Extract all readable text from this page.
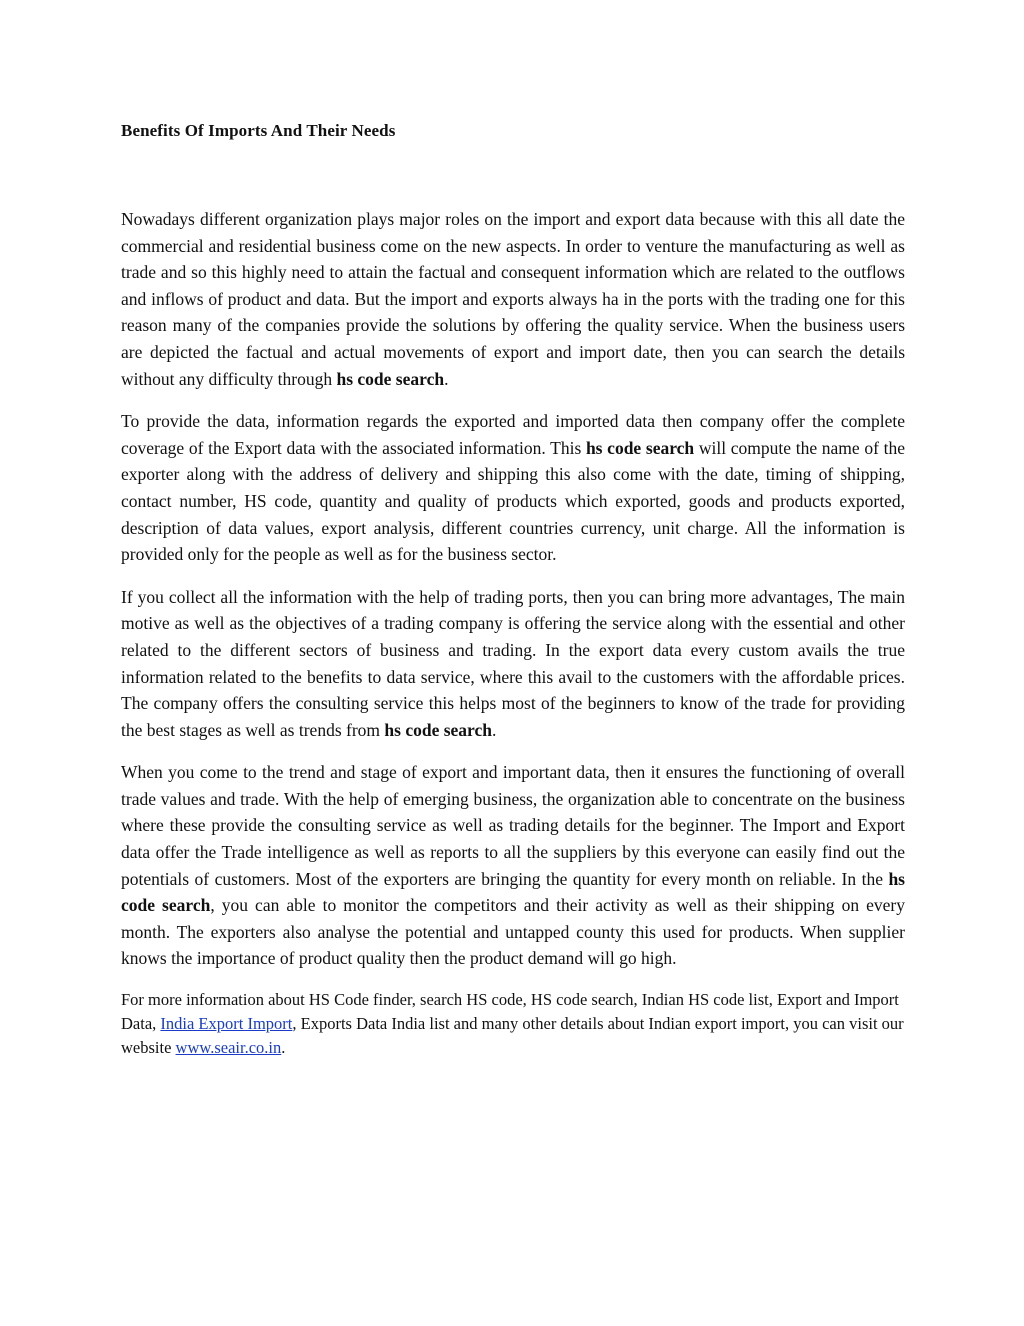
Benefits Of Imports And Their Needs

Nowadays different organization plays major roles on the import and export data because with this all date the commercial and residential business come on the new aspects. In order to venture the manufacturing as well as trade and so this highly need to attain the factual and consequent information which are related to the outflows and inflows of product and data. But the import and exports always ha in the ports with the trading one for this reason many of the companies provide the solutions by offering the quality service. When the business users are depicted the factual and actual movements of export and import date, then you can search the details without any difficulty through hs code search.

To provide the data, information regards the exported and imported data then company offer the complete coverage of the Export data with the associated information. This hs code search will compute the name of the exporter along with the address of delivery and shipping this also come with the date, timing of shipping, contact number, HS code, quantity and quality of products which exported, goods and products exported, description of data values, export analysis, different countries currency, unit charge. All the information is provided only for the people as well as for the business sector.

If you collect all the information with the help of trading ports, then you can bring more advantages, The main motive as well as the objectives of a trading company is offering the service along with the essential and other related to the different sectors of business and trading. In the export data every custom avails the true information related to the benefits to data service, where this avail to the customers with the affordable prices. The company offers the consulting service this helps most of the beginners to know of the trade for providing the best stages as well as trends from hs code search.

When you come to the trend and stage of export and important data, then it ensures the functioning of overall trade values and trade. With the help of emerging business, the organization able to concentrate on the business where these provide the consulting service as well as trading details for the beginner. The Import and Export data offer the Trade intelligence as well as reports to all the suppliers by this everyone can easily find out the potentials of customers. Most of the exporters are bringing the quantity for every month on reliable. In the hs code search, you can able to monitor the competitors and their activity as well as their shipping on every month. The exporters also analyse the potential and untapped county this used for products. When supplier knows the importance of product quality then the product demand will go high.

For more information about HS Code finder, search HS code, HS code search, Indian HS code list, Export and Import Data, India Export Import, Exports Data India list and many other details about Indian export import, you can visit our website www.seair.co.in.
